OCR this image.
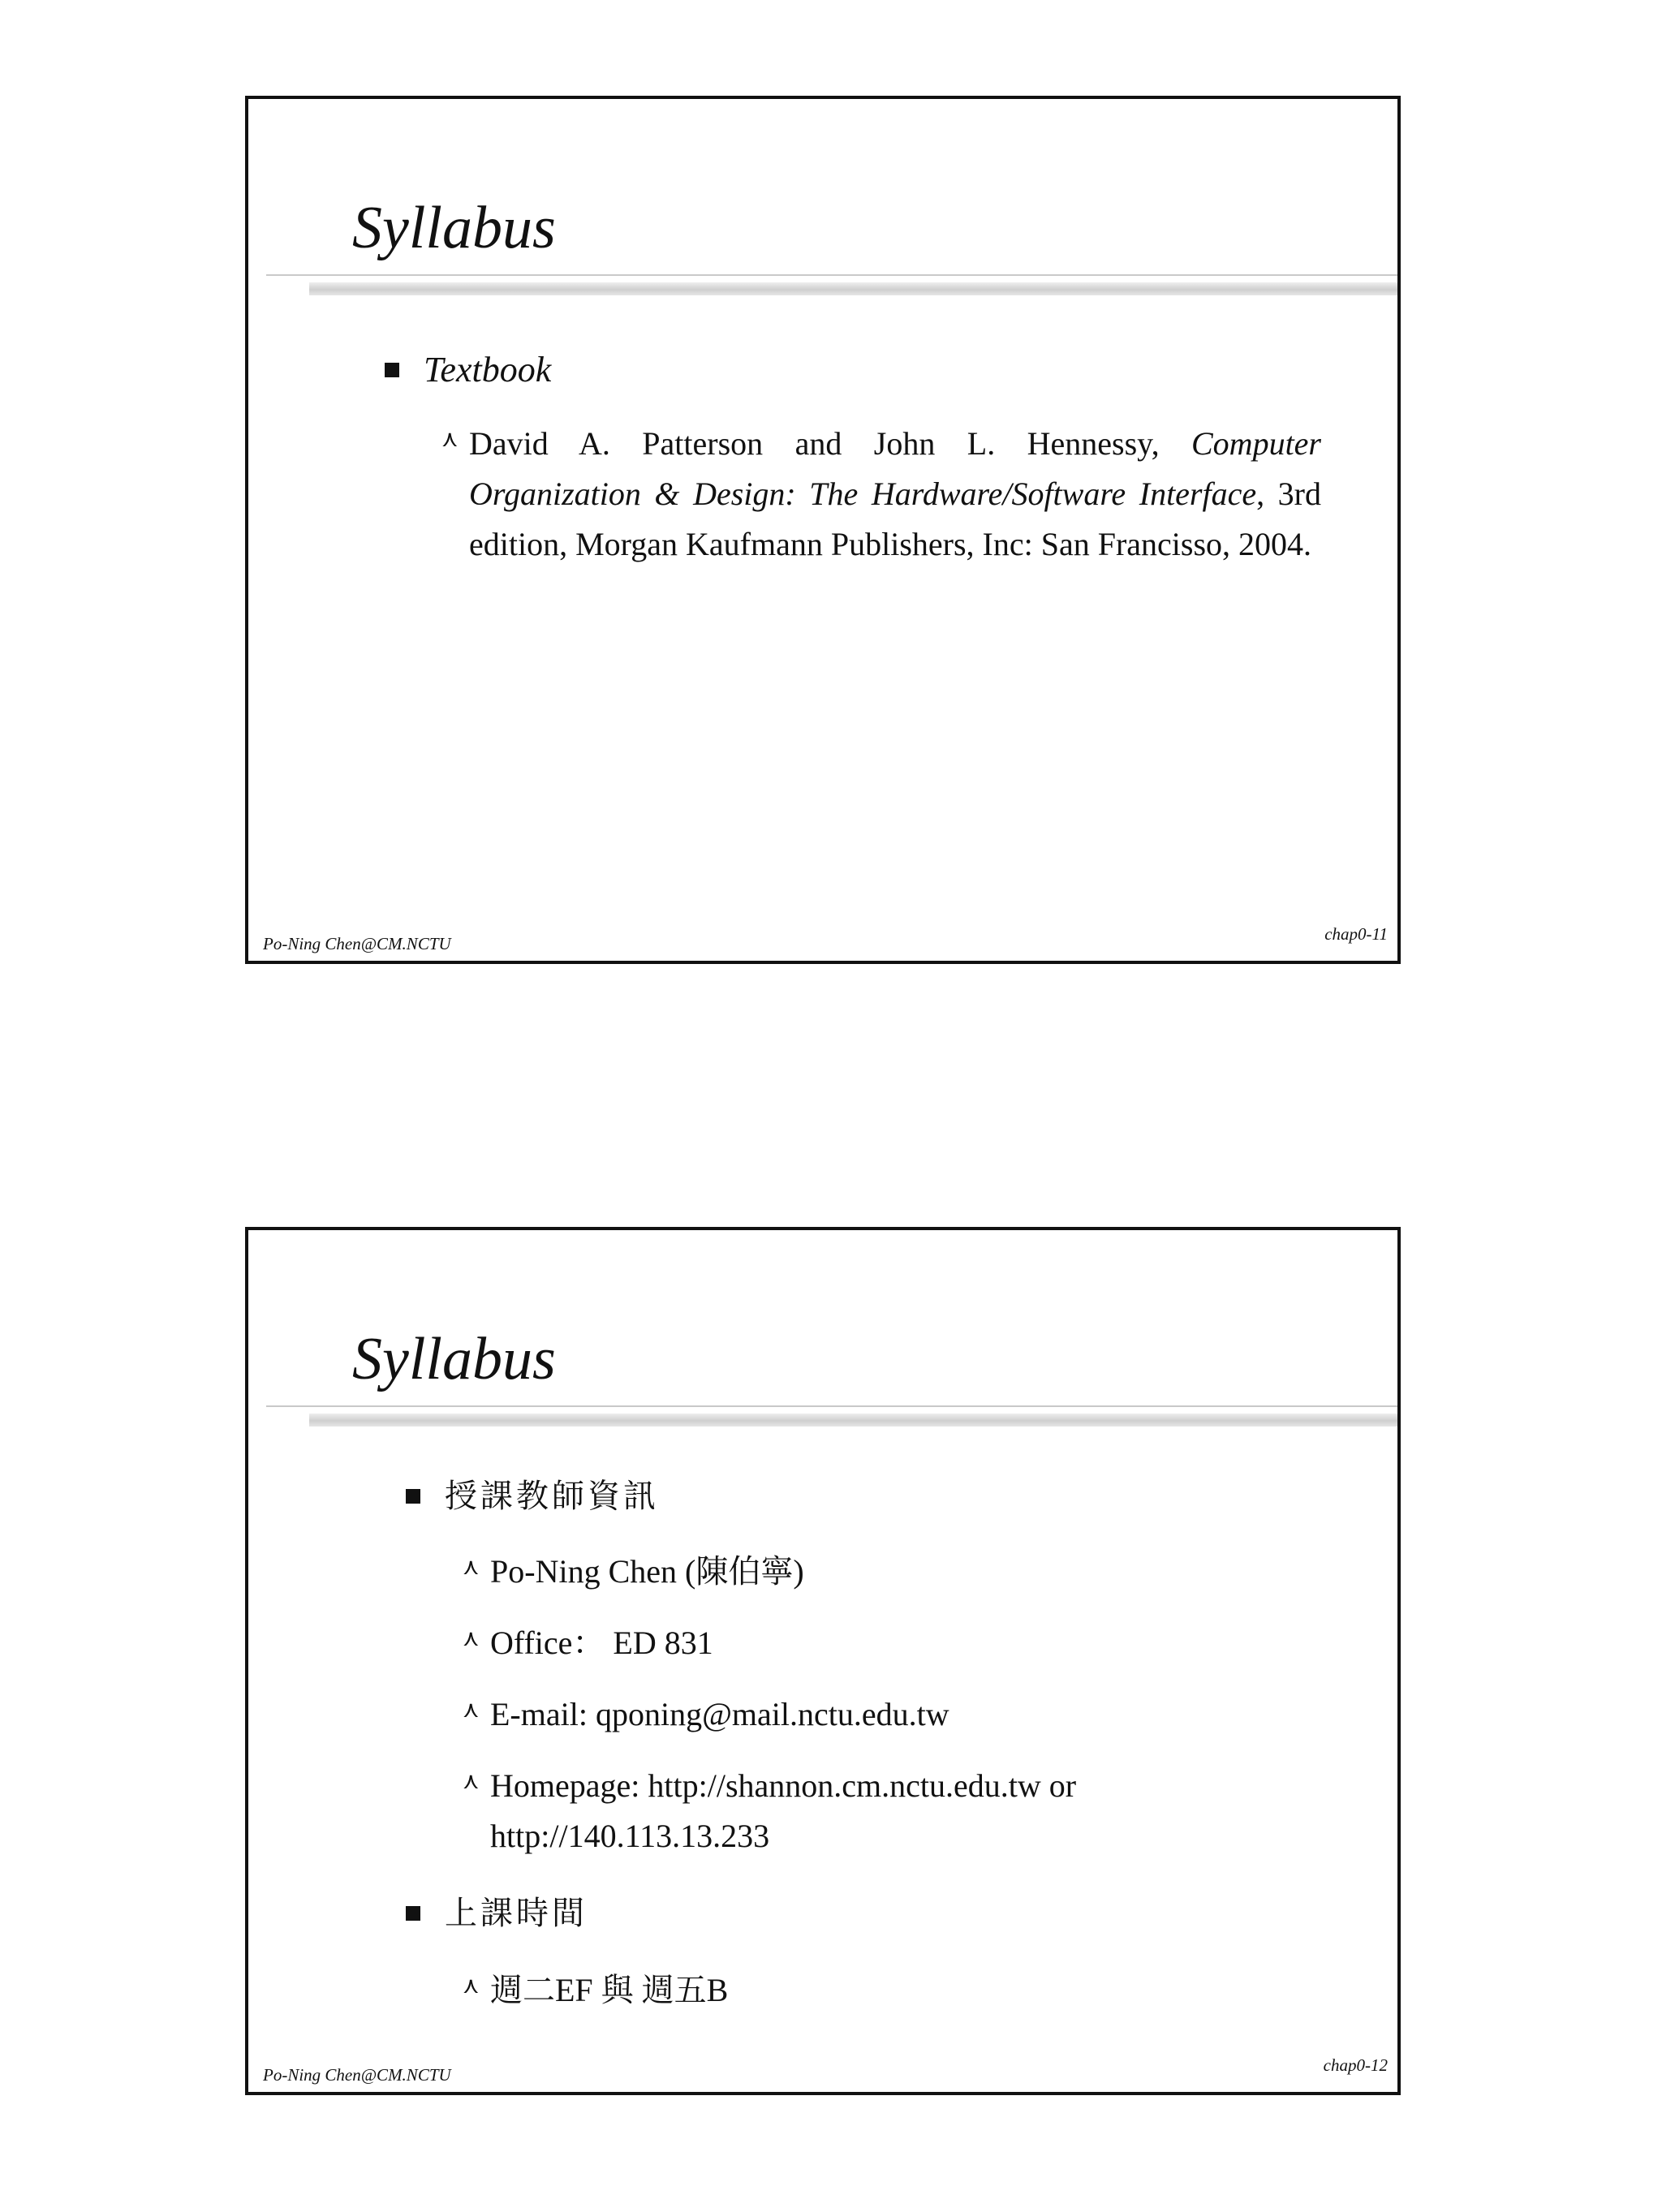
Syllabus
Textbook
⋏ David A. Patterson and John L. Hennessy, Computer Organization & Design: The Hardware/Software Interface, 3rd edition, Morgan Kaufmann Publishers, Inc: San Francisso, 2004.
Po-Ning Chen@CM.NCTU	chap0-11
Syllabus
授課教師資訊
⋏ Po-Ning Chen (陳伯寧)
⋏ Office： ED 831
⋏ E-mail: qponing@mail.nctu.edu.tw
⋏ Homepage: http://shannon.cm.nctu.edu.tw or http://140.113.13.233
上課時間
⋏ 週二EF 與 週五B
Po-Ning Chen@CM.NCTU	chap0-12
